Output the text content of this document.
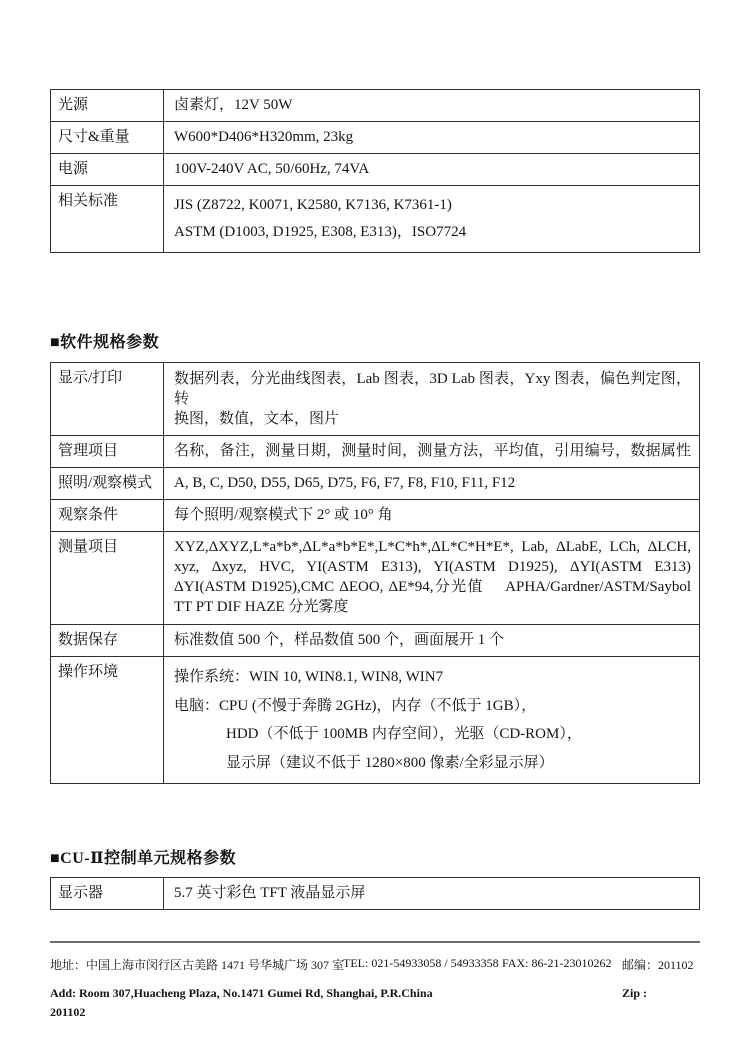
光源	卤素灯，12V 50W
尺寸&重量	W600*D406*H320mm, 23kg
电源	100V-240V AC, 50/60Hz, 74VA
相关标准	JIS (Z8722, K0071, K2580, K7136, K7361-1)
ASTM (D1003, D1925, E308, E313)，ISO7724
■软件规格参数
显示/打印	数据列表，分光曲线图表，Lab 图表，3D Lab 图表，Yxy 图表，偏色判定图，转
换图，数值，文本，图片
管理项目	名称，备注，测量日期，测量时间，测量方法，平均值，引用编号，数据属性
照明/观察模式	A, B, C, D50, D55, D65, D75, F6, F7, F8, F10, F11, F12
观察条件	每个照明/观察模式下 2° 或 10° 角
测量项目	XYZ,ΔXYZ,L*a*b*,ΔL*a*b*E*,L*C*h*,ΔL*C*H*E*, Lab, ΔLabE, LCh, ΔLCH,
xyz, Δxyz, HVC, YI(ASTM E313), YI(ASTM D1925), ΔYI(ASTM E313)
ΔYI(ASTM D1925),CMC ΔEOO, ΔE*94,分光值　 APHA/Gardner/ASTM/Saybol
TT PT DIF HAZE 分光雾度
数据保存	标准数值 500 个，样品数值 500 个，画面展开 1 个
操作环境	操作系统：WIN 10, WIN8.1, WIN8, WIN7
电脑：CPU (不慢于奔腾 2GHz)，内存（不低于 1GB），
HDD（不低于 100MB 内存空间），光驱（CD-ROM），
显示屏（建议不低于 1280×800 像素/全彩显示屏）
■CU-Ⅱ控制单元规格参数
显示器	5.7 英寸彩色 TFT 液晶显示屏
地址：中国上海市闵行区古美路 1471 号华城广场 307 室
TEL: 021-54933058 / 54933358 FAX: 86-21-23010262 邮编：201102
Add: Room 307,Huacheng Plaza, No.1471 Gumei Rd, Shanghai, P.R.China	Zip :
201102
